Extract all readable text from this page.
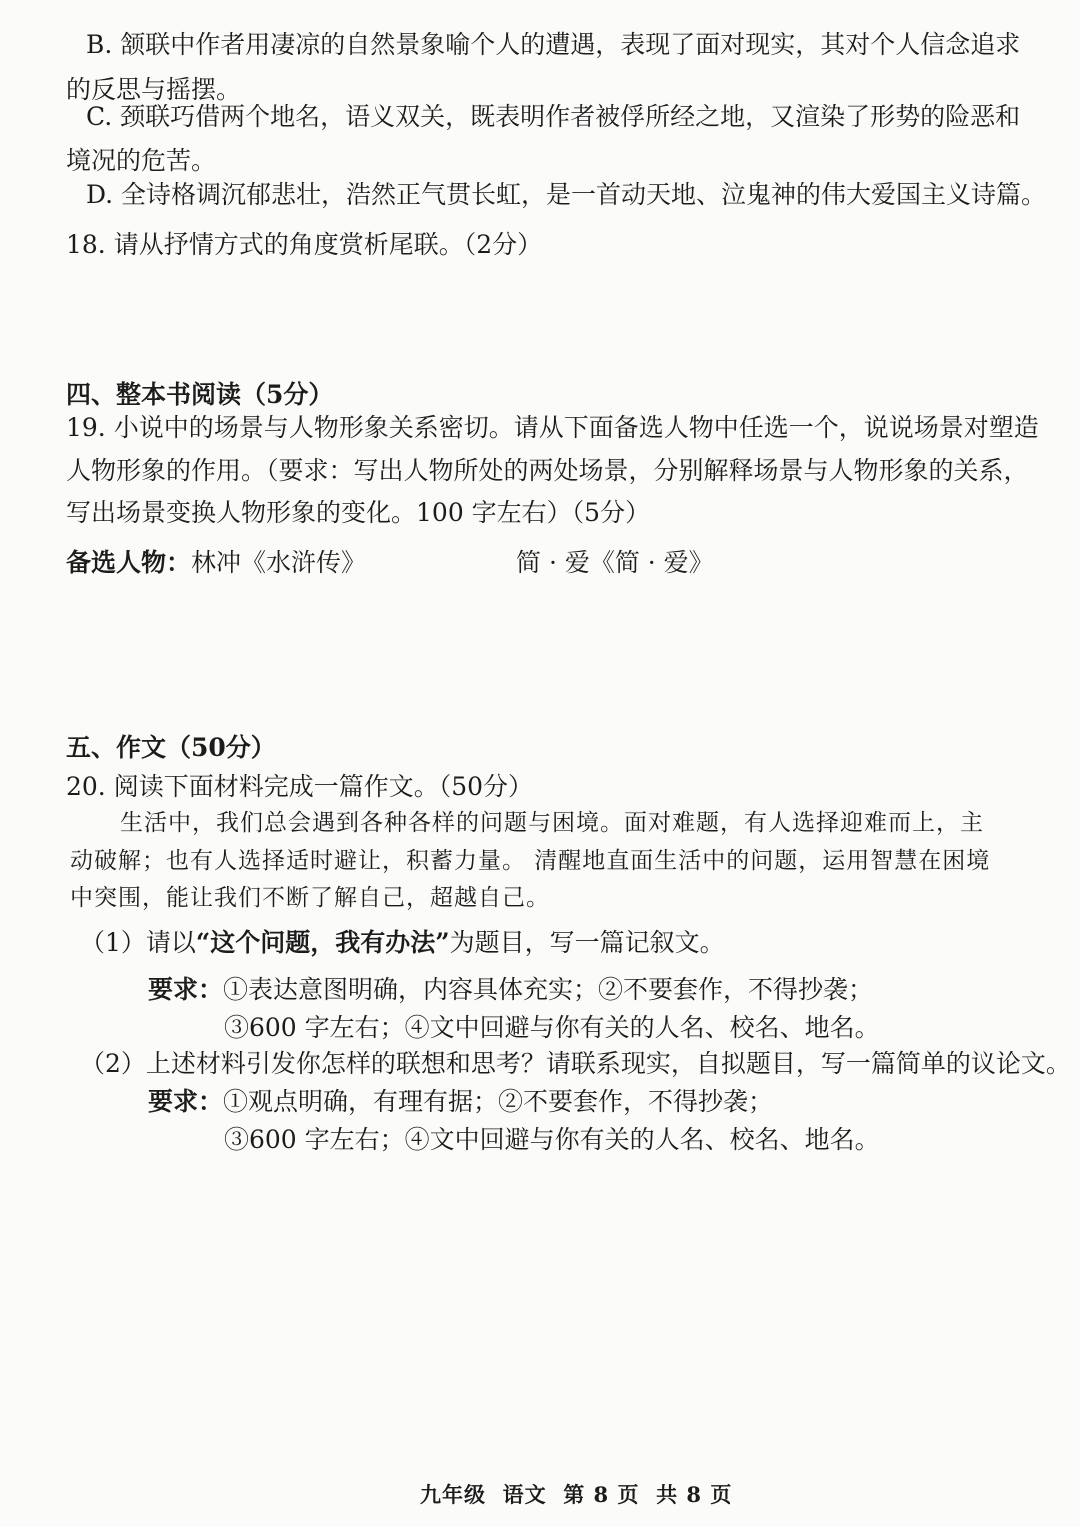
B. 颔联中作者用凄凉的自然景象喻个人的遭遇，表现了面对现实，其对个人信念追求
的反思与摇摆。
C. 颈联巧借两个地名，语义双关，既表明作者被俘所经之地，又渲染了形势的险恶和
境况的危苦。
D. 全诗格调沉郁悲壮，浩然正气贯长虹，是一首动天地、泣鬼神的伟大爱国主义诗篇。
18. 请从抒情方式的角度赏析尾联。（2分）
四、整本书阅读（5分）
19. 小说中的场景与人物形象关系密切。请从下面备选人物中任选一个，说说场景对塑造
人物形象的作用。（要求：写出人物所处的两处场景，分别解释场景与人物形象的关系，
写出场景变换人物形象的变化。100 字左右）（5分）
备选人物：林冲《水浒传》	简 · 爱《简 · 爱》
五、作文（50分）
20. 阅读下面材料完成一篇作文。（50分）
生活中，我们总会遇到各种各样的问题与困境。面对难题，有人选择迎难而上，主
动破解；也有人选择适时避让，积蓄力量。 清醒地直面生活中的问题，运用智慧在困境
中突围，能让我们不断了解自己，超越自己。
（1）请以“这个问题，我有办法”为题目，写一篇记叙文。
要求：①表达意图明确，内容具体充实；②不要套作，不得抄袭；
③600 字左右；④文中回避与你有关的人名、校名、地名。
（2）上述材料引发你怎样的联想和思考？请联系现实，自拟题目，写一篇简单的议论文。
要求：①观点明确，有理有据；②不要套作，不得抄袭；
③600 字左右；④文中回避与你有关的人名、校名、地名。
九年级  语文  第 8 页  共 8 页
